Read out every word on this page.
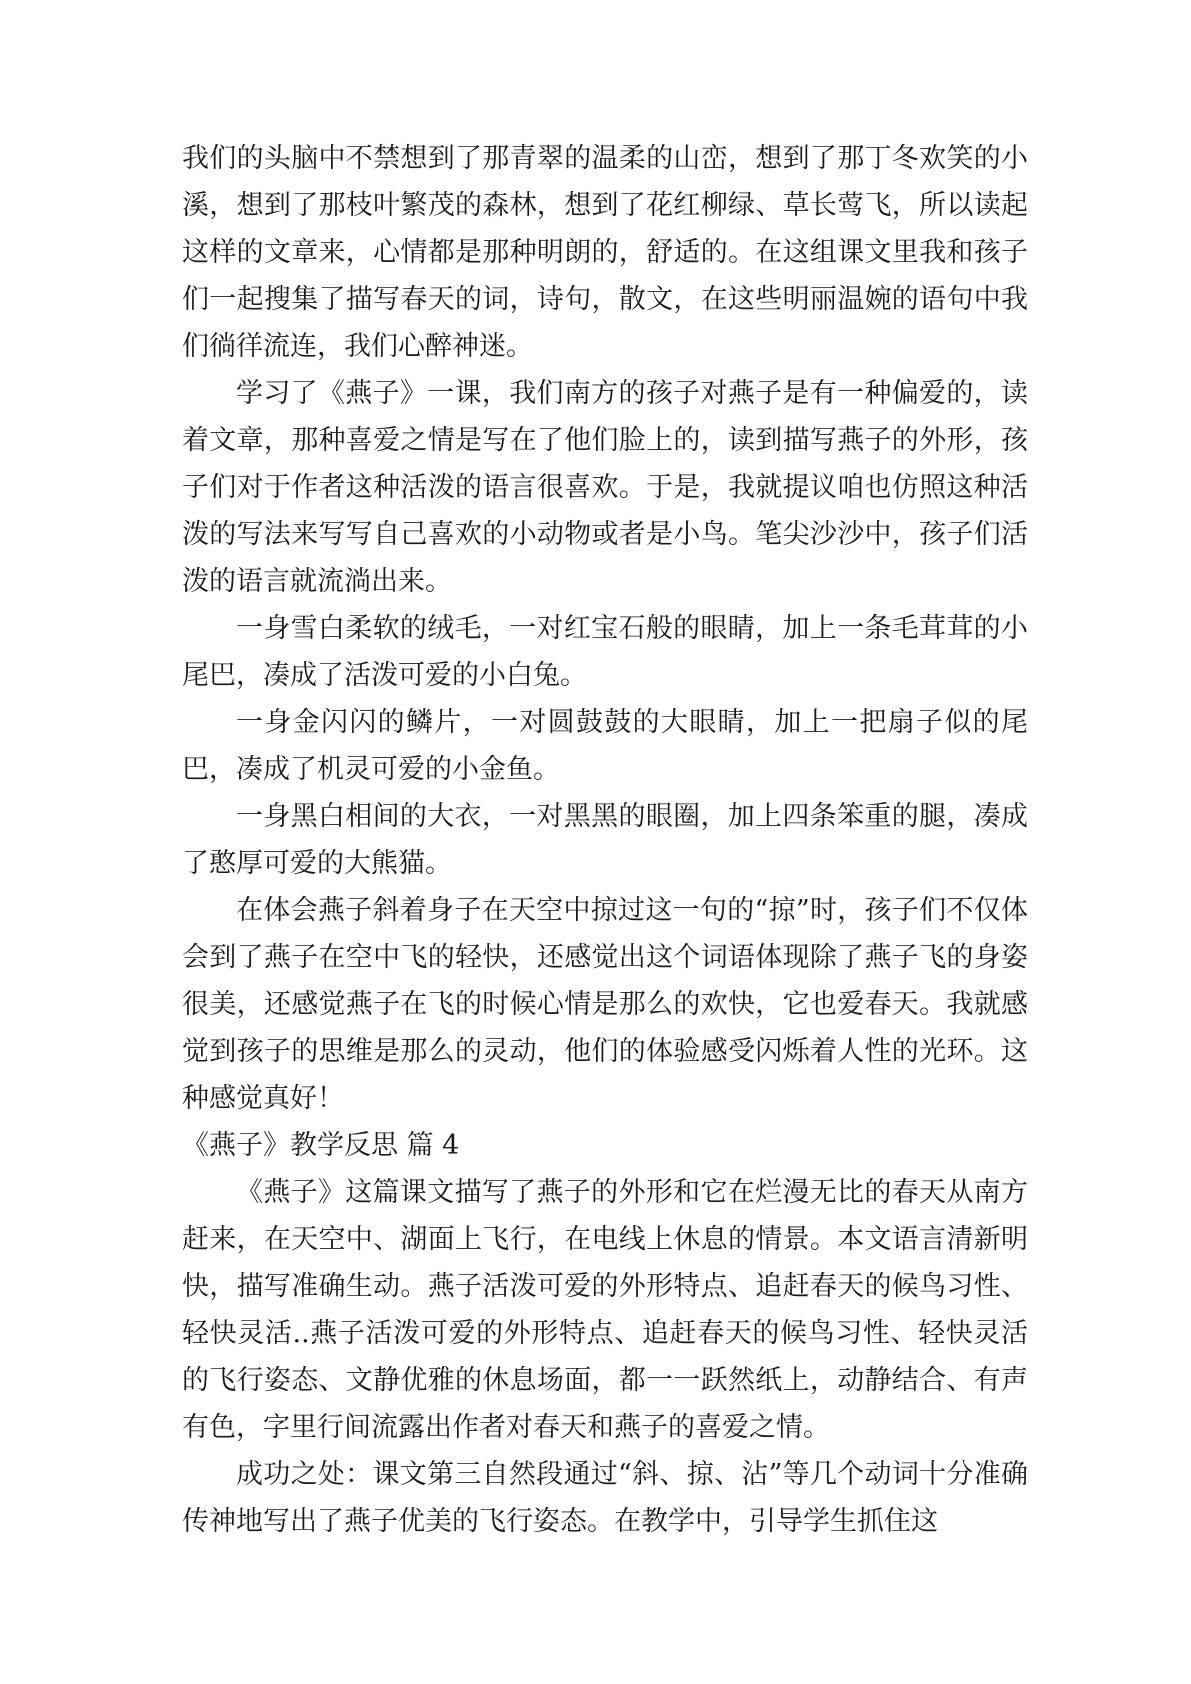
我们的头脑中不禁想到了那青翠的温柔的山峦，想到了那丁冬欢笑的小溪，想到了那枝叶繁茂的森林，想到了花红柳绿、草长莺飞，所以读起这样的文章来，心情都是那种明朗的，舒适的。在这组课文里我和孩子们一起搜集了描写春天的词，诗句，散文，在这些明丽温婉的语句中我们徜徉流连，我们心醉神迷。

学习了《燕子》一课，我们南方的孩子对燕子是有一种偏爱的，读着文章，那种喜爱之情是写在了他们脸上的，读到描写燕子的外形，孩子们对于作者这种活泼的语言很喜欢。于是，我就提议咱也仿照这种活泼的写法来写写自己喜欢的小动物或者是小鸟。笔尖沙沙中，孩子们活泼的语言就流淌出来。

一身雪白柔软的绒毛，一对红宝石般的眼睛，加上一条毛茸茸的小尾巴，凑成了活泼可爱的小白兔。

一身金闪闪的鳞片，一对圆鼓鼓的大眼睛，加上一把扇子似的尾巴，凑成了机灵可爱的小金鱼。

一身黑白相间的大衣，一对黑黑的眼圈，加上四条笨重的腿，凑成了憨厚可爱的大熊猫。

在体会燕子斜着身子在天空中掠过这一句的“掠”时，孩子们不仅体会到了燕子在空中飞的轻快，还感觉出这个词语体现除了燕子飞的身姿很美，还感觉燕子在飞的时候心情是那么的欢快，它也爱春天。我就感觉到孩子的思维是那么的灵动，他们的体验感受闪烁着人性的光环。这种感觉真好！

《燕子》教学反思 篇 4

《燕子》这篇课文描写了燕子的外形和它在烂漫无比的春天从南方赶来，在天空中、湖面上飞行，在电线上休息的情景。本文语言清新明快，描写准确生动。燕子活泼可爱的外形特点、追赶春天的候鸟习性、轻快灵活..燕子活泼可爱的外形特点、追赶春天的候鸟习性、轻快灵活的飞行姿态、文静优雅的休息场面，都一一跃然纸上，动静结合、有声有色，字里行间流露出作者对春天和燕子的喜爱之情。

成功之处：课文第三自然段通过“斜、掠、沾”等几个动词十分准确传神地写出了燕子优美的飞行姿态。在教学中，引导学生抓住这
